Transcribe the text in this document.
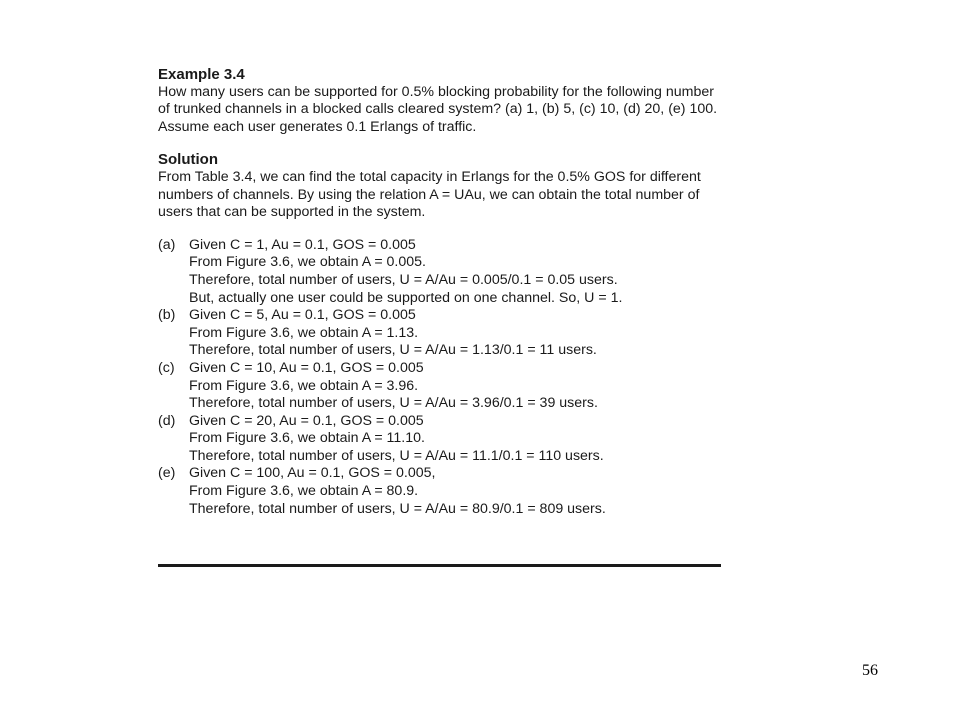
Example 3.4

How many users can be supported for 0.5% blocking probability for the following number of trunked channels in a blocked calls cleared system? (a) 1, (b) 5, (c) 10, (d) 20, (e) 100. Assume each user generates 0.1 Erlangs of traffic.

Solution

From Table 3.4, we can find the total capacity in Erlangs for the 0.5% GOS for different numbers of channels. By using the relation A = UAu, we can obtain the total number of users that can be supported in the system.

(a) Given C = 1, Au = 0.1, GOS = 0.005
From Figure 3.6, we obtain A = 0.005.
Therefore, total number of users, U = A/Au = 0.005/0.1 = 0.05 users.
But, actually one user could be supported on one channel. So, U = 1.
(b) Given C = 5, Au = 0.1, GOS = 0.005
From Figure 3.6, we obtain A = 1.13.
Therefore, total number of users, U = A/Au = 1.13/0.1 = 11 users.
(c)	Given C = 10, Au = 0.1, GOS = 0.005
From Figure 3.6, we obtain A = 3.96.
Therefore, total number of users, U = A/Au = 3.96/0.1 = 39 users.
(d) Given C = 20, Au = 0.1, GOS = 0.005
From Figure 3.6, we obtain A = 11.10.
Therefore, total number of users, U = A/Au = 11.1/0.1 = 110 users.
(e) Given C = 100, Au = 0.1, GOS = 0.005,
From Figure 3.6, we obtain A = 80.9.
Therefore, total number of users, U = A/Au = 80.9/0.1 = 809 users.
56
